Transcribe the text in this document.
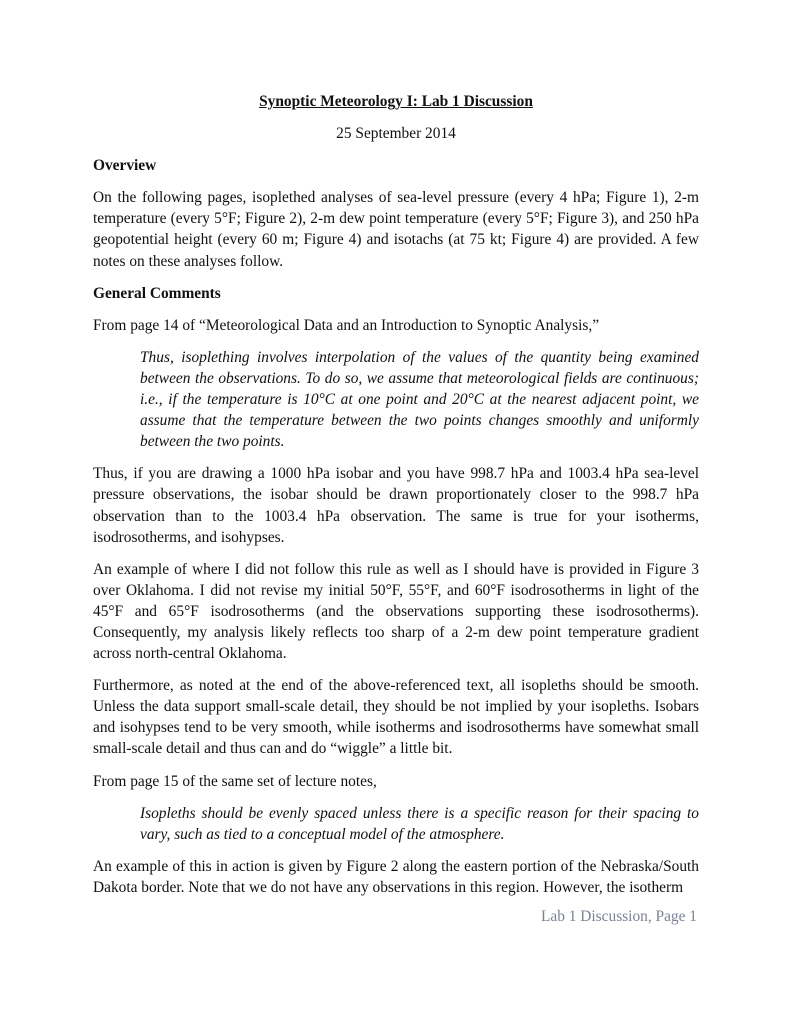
Synoptic Meteorology I: Lab 1 Discussion
25 September 2014
Overview

On the following pages, isoplethed analyses of sea-level pressure (every 4 hPa; Figure 1), 2-m temperature (every 5°F; Figure 2), 2-m dew point temperature (every 5°F; Figure 3), and 250 hPa geopotential height (every 60 m; Figure 4) and isotachs (at 75 kt; Figure 4) are provided. A few notes on these analyses follow.

General Comments

From page 14 of “Meteorological Data and an Introduction to Synoptic Analysis,”

Thus, isoplething involves interpolation of the values of the quantity being examined between the observations. To do so, we assume that meteorological fields are continuous; i.e., if the temperature is 10°C at one point and 20°C at the nearest adjacent point, we assume that the temperature between the two points changes smoothly and uniformly between the two points.

Thus, if you are drawing a 1000 hPa isobar and you have 998.7 hPa and 1003.4 hPa sea-level pressure observations, the isobar should be drawn proportionately closer to the 998.7 hPa observation than to the 1003.4 hPa observation. The same is true for your isotherms, isodrosotherms, and isohypses.

An example of where I did not follow this rule as well as I should have is provided in Figure 3 over Oklahoma. I did not revise my initial 50°F, 55°F, and 60°F isodrosotherms in light of the 45°F and 65°F isodrosotherms (and the observations supporting these isodrosotherms). Consequently, my analysis likely reflects too sharp of a 2-m dew point temperature gradient across north-central Oklahoma.

Furthermore, as noted at the end of the above-referenced text, all isopleths should be smooth. Unless the data support small-scale detail, they should be not implied by your isopleths. Isobars and isohypses tend to be very smooth, while isotherms and isodrosotherms have somewhat small small-scale detail and thus can and do “wiggle” a little bit.

From page 15 of the same set of lecture notes,

Isopleths should be evenly spaced unless there is a specific reason for their spacing to vary, such as tied to a conceptual model of the atmosphere.

An example of this in action is given by Figure 2 along the eastern portion of the Nebraska/South Dakota border. Note that we do not have any observations in this region. However, the isotherm

Lab 1 Discussion, Page 1
